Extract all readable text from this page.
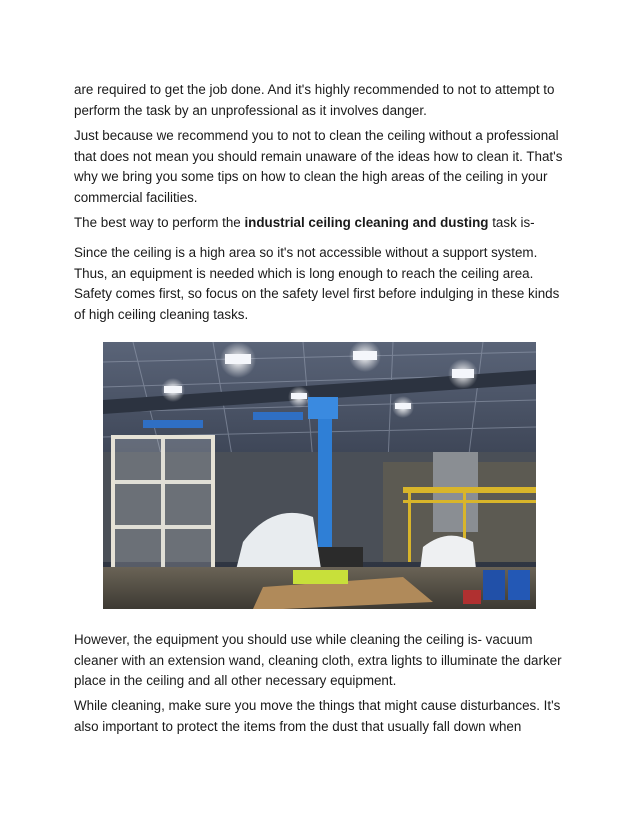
are required to get the job done. And it's highly recommended to not to attempt to perform the task by an unprofessional as it involves danger.

Just because we recommend you to not to clean the ceiling without a professional that does not mean you should remain unaware of the ideas how to clean it. That's why we bring you some tips on how to clean the high areas of the ceiling in your commercial facilities.

The best way to perform the industrial ceiling cleaning and dusting task is-

Since the ceiling is a high area so it's not accessible without a support system. Thus, an equipment is needed which is long enough to reach the ceiling area. Safety comes first, so focus on the safety level first before indulging in these kinds of high ceiling cleaning tasks.

However, the equipment you should use while cleaning the ceiling is- vacuum cleaner with an extension wand, cleaning cloth, extra lights to illuminate the darker place in the ceiling and all other necessary equipment.

While cleaning, make sure you move the things that might cause disturbances. It's also important to protect the items from the dust that usually fall down when
